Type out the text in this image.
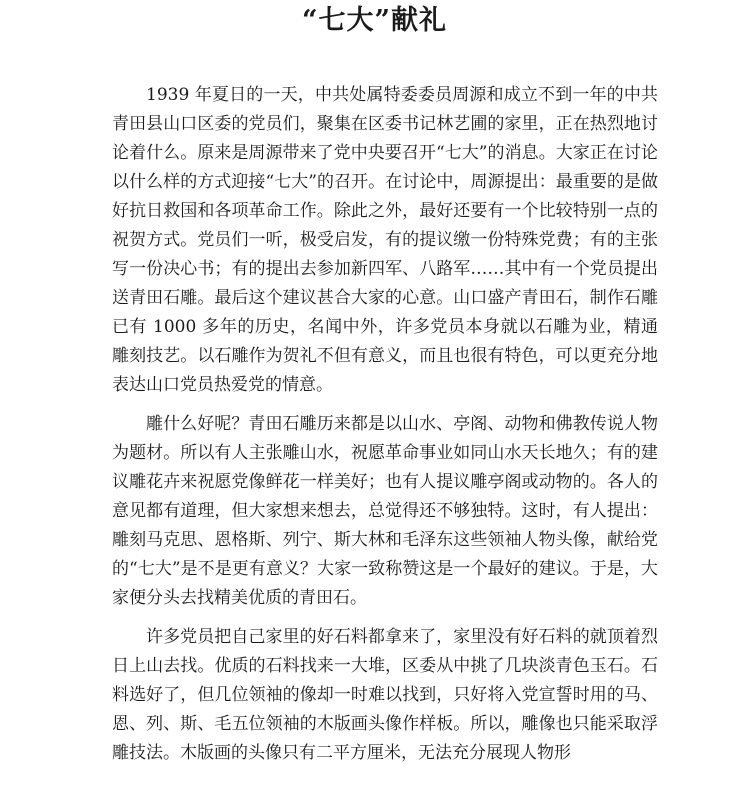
“七大”献礼

1939 年夏日的一天，中共处属特委委员周源和成立不到一年的中共青田县山口区委的党员们，聚集在区委书记林艺圃的家里，正在热烈地讨论着什么。原来是周源带来了党中央要召开“七大”的消息。大家正在讨论以什么样的方式迎接“七大”的召开。在讨论中，周源提出：最重要的是做好抗日救国和各项革命工作。除此之外，最好还要有一个比较特别一点的祝贺方式。党员们一听，极受启发，有的提议缴一份特殊党费；有的主张写一份决心书；有的提出去参加新四军、八路军……其中有一个党员提出送青田石雕。最后这个建议甚合大家的心意。山口盛产青田石，制作石雕已有 1000 多年的历史，名闻中外，许多党员本身就以石雕为业，精通雕刻技艺。以石雕作为贺礼不但有意义，而且也很有特色，可以更充分地表达山口党员热爱党的情意。

雕什么好呢？青田石雕历来都是以山水、亭阁、动物和佛教传说人物为题材。所以有人主张雕山水，祝愿革命事业如同山水天长地久；有的建议雕花卉来祝愿党像鲜花一样美好；也有人提议雕亭阁或动物的。各人的意见都有道理，但大家想来想去，总觉得还不够独特。这时，有人提出：雕刻马克思、恩格斯、列宁、斯大林和毛泽东这些领袖人物头像，献给党的“七大”是不是更有意义？大家一致称赞这是一个最好的建议。于是，大家便分头去找精美优质的青田石。

许多党员把自己家里的好石料都拿来了，家里没有好石料的就顶着烈日上山去找。优质的石料找来一大堆，区委从中挑了几块淡青色玉石。石料选好了，但几位领袖的像却一时难以找到，只好将入党宣誓时用的马、恩、列、斯、毛五位领袖的木版画头像作样板。所以，雕像也只能采取浮雕技法。木版画的头像只有二平方厘米，无法充分展现人物形
